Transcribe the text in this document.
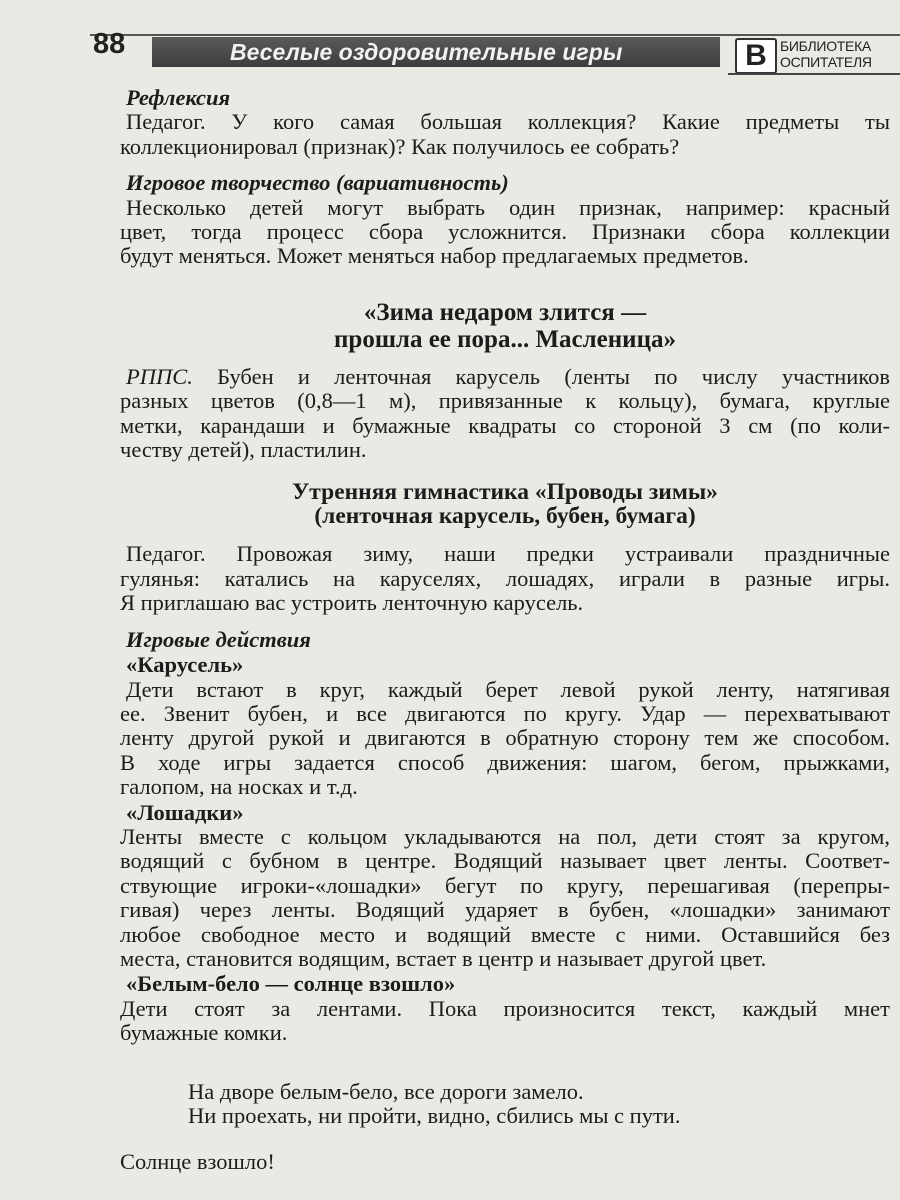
88	Веселые оздоровительные игры	В БИБЛИОТЕКА
ОСПИТАТЕЛЯ
Рефлексия
Педагог. У кого самая большая коллекция? Какие предметы ты
коллекционировал (признак)? Как получилось ее собрать?
Игровое творчество (вариативность)
Несколько детей могут выбрать один признак, например: красный
цвет, тогда процесс сбора усложнится. Признаки сбора коллекции
будут меняться. Может меняться набор предлагаемых предметов.
«Зима недаром злится —
прошла ее пора... Масленица»
РППС. Бубен и ленточная карусель (ленты по числу участников
разных цветов (0,8—1 м), привязанные к кольцу), бумага, круглые
метки, карандаши и бумажные квадраты со стороной 3 см (по коли-
честву детей), пластилин.
Утренняя гимнастика «Проводы зимы»
(ленточная карусель, бубен, бумага)
Педагог. Провожая зиму, наши предки устраивали праздничные
гулянья: катались на каруселях, лошадях, играли в разные игры.
Я приглашаю вас устроить ленточную карусель.
Игровые действия
«Карусель»
Дети встают в круг, каждый берет левой рукой ленту, натягивая
ее. Звенит бубен, и все двигаются по кругу. Удар — перехватывают
ленту другой рукой и двигаются в обратную сторону тем же способом.
В ходе игры задается способ движения: шагом, бегом, прыжками,
галопом, на носках и т.д.
«Лошадки»
Ленты вместе с кольцом укладываются на пол, дети стоят за кругом,
водящий с бубном в центре. Водящий называет цвет ленты. Соответ-
ствующие игроки-«лошадки» бегут по кругу, перешагивая (перепры-
гивая) через ленты. Водящий ударяет в бубен, «лошадки» занимают
любое свободное место и водящий вместе с ними. Оставшийся без
места, становится водящим, встает в центр и называет другой цвет.
«Белым-бело — солнце взошло»
Дети стоят за лентами. Пока произносится текст, каждый мнет
бумажные комки.
На дворе белым-бело, все дороги замело.
Ни проехать, ни пройти, видно, сбились мы с пути.
Солнце взошло!
